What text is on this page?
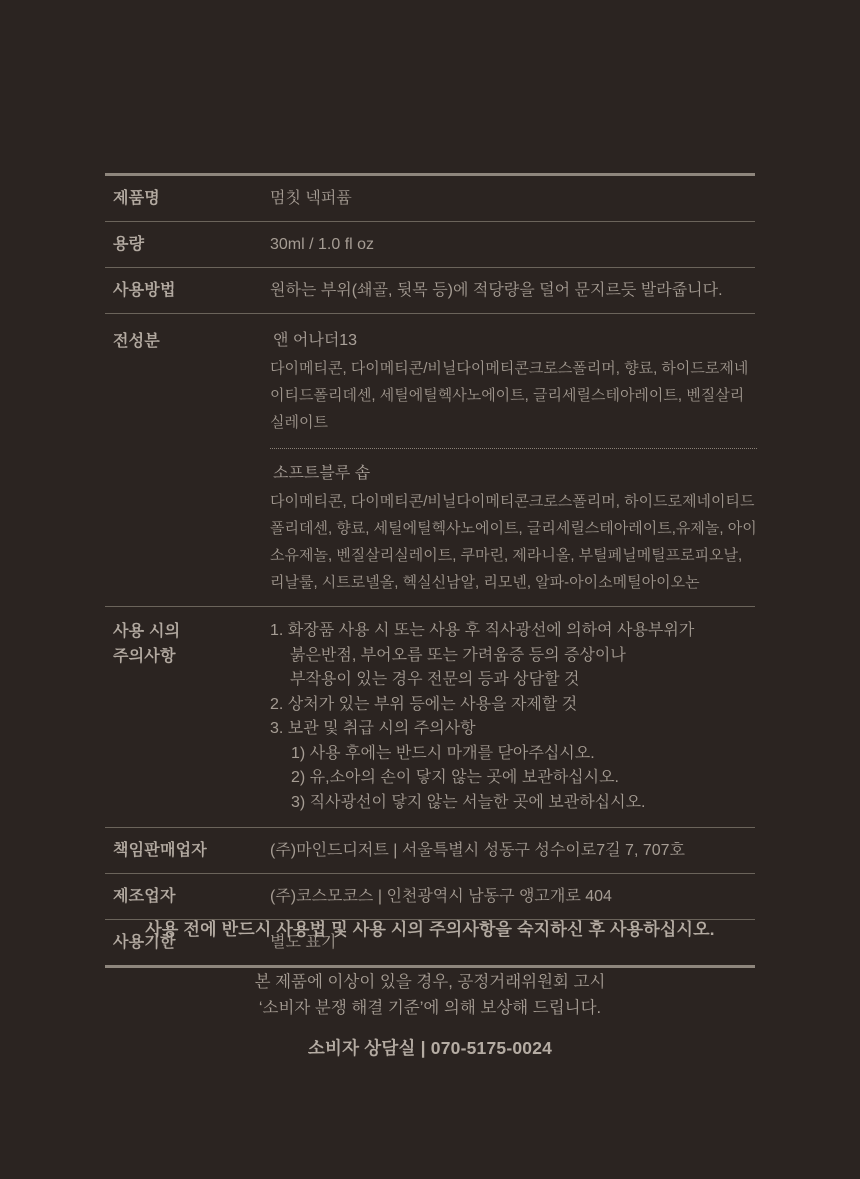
제품명	멈칫 넥퍼퓸
용량	30ml / 1.0 fl oz
사용방법	원하는 부위(쇄골, 뒷목 등)에 적당량을 덜어 문지르듯 발라줍니다.
전성분	앤 어나더13
다이메티콘, 다이메티콘/비닐다이메티콘크로스폴리머, 향료, 하이드로제네이티드폴리데센, 세틸에틸헥사노에이트, 글리세릴스테아레이트, 벤질살리실레이트
소프트블루 솝
다이메티콘, 다이메티콘/비닐다이메티콘크로스폴리머, 하이드로제네이티드폴리데센, 향료, 세틸에틸헥사노에이트, 글리세릴스테아레이트,유제놀, 아이소유제놀, 벤질살리실레이트, 쿠마린, 제라니올, 부틸페닐메틸프로피오날, 리날룰, 시트로넬올, 헥실신남알, 리모넨, 알파-아이소메틸아이오논
사용 시의
주의사항
1. 화장품 사용 시 또는 사용 후 직사광선에 의하여 사용부위가
붉은반점, 부어오름 또는 가려움증 등의 증상이나
부작용이 있는 경우 전문의 등과 상담할 것
2. 상처가 있는 부위 등에는 사용을 자제할 것
3. 보관 및 취급 시의 주의사항
1) 사용 후에는 반드시 마개를 닫아주십시오.
2) 유,소아의 손이 닿지 않는 곳에 보관하십시오.
3) 직사광선이 닿지 않는 서늘한 곳에 보관하십시오.
책임판매업자	(주)마인드디저트 | 서울특별시 성동구 성수이로7길 7, 707호
제조업자	(주)코스모코스 | 인천광역시 남동구 앵고개로 404
사용기한	별도 표기

사용 전에 반드시 사용법 및 사용 시의 주의사항을 숙지하신 후 사용하십시오.

본 제품에 이상이 있을 경우, 공정거래위원회 고시

‘소비자 분쟁 해결 기준’에 의해 보상해 드립니다.

소비자 상담실 | 070-5175-0024
